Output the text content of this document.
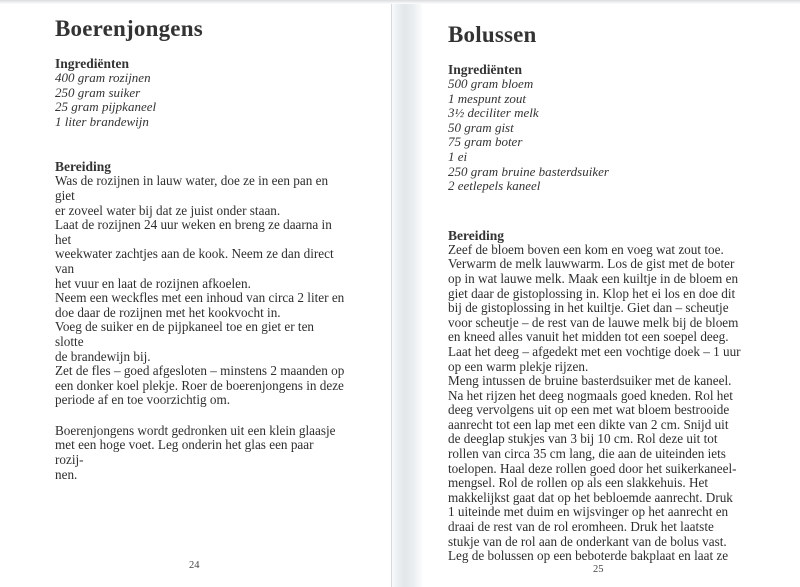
Boerenjongens

Ingrediënten

400 gram rozijnen
250 gram suiker
25 gram pijpkaneel
1 liter brandewijn

Bereiding

Was de rozijnen in lauw water, doe ze in een pan en giet

er zoveel water bij dat ze juist onder staan.

Laat de rozijnen 24 uur weken en breng ze daarna in het

weekwater zachtjes aan de kook. Neem ze dan direct van

het vuur en laat de rozijnen afkoelen.

Neem een weckfles met een inhoud van circa 2 liter en

doe daar de rozijnen met het kookvocht in.

Voeg de suiker en de pijpkaneel toe en giet er ten slotte

de brandewijn bij.

Zet de fles – goed afgesloten – minstens 2 maanden op

een donker koel plekje. Roer de boerenjongens in deze

periode af en toe voorzichtig om.

Boerenjongens wordt gedronken uit een klein glaasje

met een hoge voet. Leg onderin het glas een paar rozij-

nen.

24
Bolussen

Ingrediënten

500 gram bloem
1 mespunt zout
3½ deciliter melk
50 gram gist
75 gram boter
1 ei
250 gram bruine basterdsuiker
2 eetlepels kaneel

Bereiding

Zeef de bloem boven een kom en voeg wat zout toe.

Verwarm de melk lauwwarm. Los de gist met de boter

op in wat lauwe melk. Maak een kuiltje in de bloem en

giet daar de gistoplossing in. Klop het ei los en doe dit

bij de gistoplossing in het kuiltje. Giet dan – scheutje

voor scheutje – de rest van de lauwe melk bij de bloem

en kneed alles vanuit het midden tot een soepel deeg.

Laat het deeg – afgedekt met een vochtige doek – 1 uur

op een warm plekje rijzen.

Meng intussen de bruine basterdsuiker met de kaneel.

Na het rijzen het deeg nogmaals goed kneden. Rol het

deeg vervolgens uit op een met wat bloem bestrooide

aanrecht tot een lap met een dikte van 2 cm. Snijd uit

de deeglap stukjes van 3 bij 10 cm. Rol deze uit tot

rollen van circa 35 cm lang, die aan de uiteinden iets

toelopen. Haal deze rollen goed door het suikerkaneel-

mengsel. Rol de rollen op als een slakkehuis. Het

makkelijkst gaat dat op het bebloemde aanrecht. Druk

1 uiteinde met duim en wijsvinger op het aanrecht en

draai de rest van de rol eromheen. Druk het laatste

stukje van de rol aan de onderkant van de bolus vast.

Leg de bolussen op een beboterde bakplaat en laat ze

25
